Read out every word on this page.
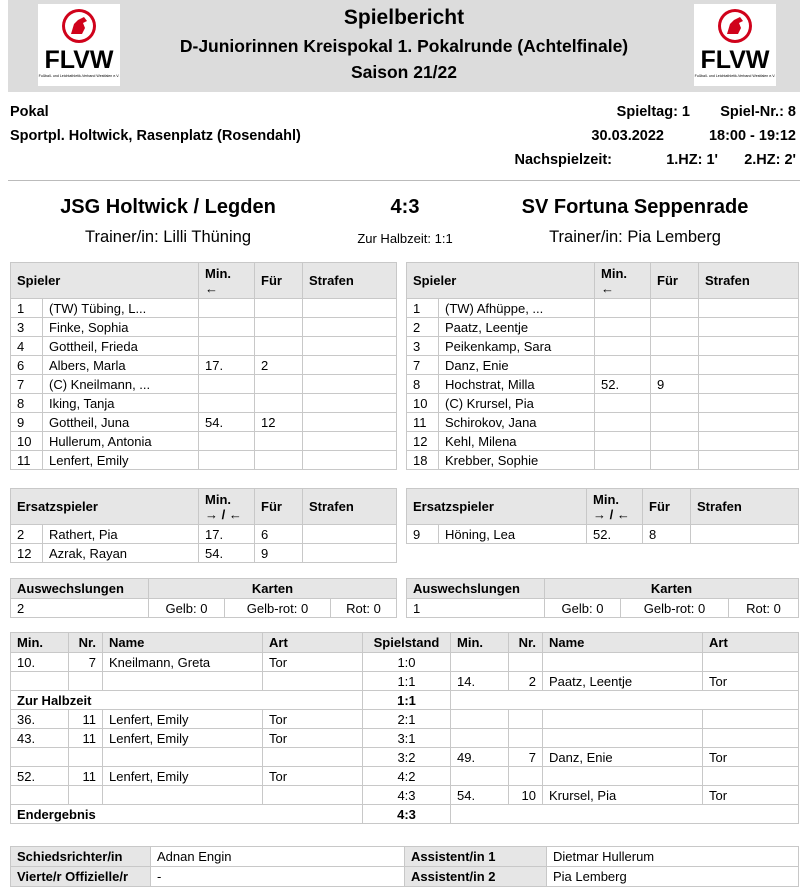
FLVW
Fußball- und Leichtathletik-Verband Westfalen e.V.
Spielbericht
D-Juniorinnen Kreispokal 1. Pokalrunde (Achtelfinale)
Saison 21/22	FLVW
Fußball- und Leichtathletik-Verband Westfalen e.V.
Pokal
Sportpl. Holtwick, Rasenplatz (Rosendahl)
Spieltag: 1 Spiel-Nr.: 8
30.03.2022	18:00 - 19:12
Nachspielzeit:	1.HZ: 1' 2.HZ: 2'
JSG Holtwick / Legden	4:3	SV Fortuna Seppenrade
Trainer/in: Lilli Thüning	Zur Halbzeit: 1:1	Trainer/in: Pia Lemberg
Spieler		Min.
←	Für	Strafen
1	(TW) Tübing, L...			
3	Finke, Sophia			
4	Gottheil, Frieda			
6	Albers, Marla	17.	2	
7	(C) Kneilmann, ...			
8	Iking, Tanja			
9	Gottheil, Juna	54.	12	
10	Hullerum, Antonia			
11	Lenfert, Emily			
Spieler		Min.
←	Für	Strafen
1	(TW) Afhüppe, ...			
2	Paatz, Leentje			
3	Peikenkamp, Sara			
7	Danz, Enie			
8	Hochstrat, Milla	52.	9	
10	(C) Krursel, Pia			
11	Schirokov, Jana			
12	Kehl, Milena			
18	Krebber, Sophie			
Ersatzspieler		Min.
→ / ←	Für	Strafen
2	Rathert, Pia	17.	6	
12	Azrak, Rayan	54.	9	
Ersatzspieler		Min.
→ / ←	Für	Strafen
9	Höning, Lea	52.	8	
Auswechslungen	Karten		
2	Gelb: 0	Gelb-rot: 0	Rot: 0
Auswechslungen	Karten		
1	Gelb: 0	Gelb-rot: 0	Rot: 0
Min.	Nr.	Name	Art	Spielstand	Min.	Nr.	Name	Art
10.	7	Kneilmann, Greta	Tor	1:0				
				1:1	14.	2	Paatz, Leentje	Tor
Zur Halbzeit				1:1				
36.	11	Lenfert, Emily	Tor	2:1				
43.	11	Lenfert, Emily	Tor	3:1				
				3:2	49.	7	Danz, Enie	Tor
52.	11	Lenfert, Emily	Tor	4:2				
				4:3	54.	10	Krursel, Pia	Tor
Endergebnis				4:3				
Schiedsrichter/in	Adnan Engin	Assistent/in 1	Dietmar Hullerum
Vierte/r Offizielle/r	-	Assistent/in 2	Pia Lemberg
